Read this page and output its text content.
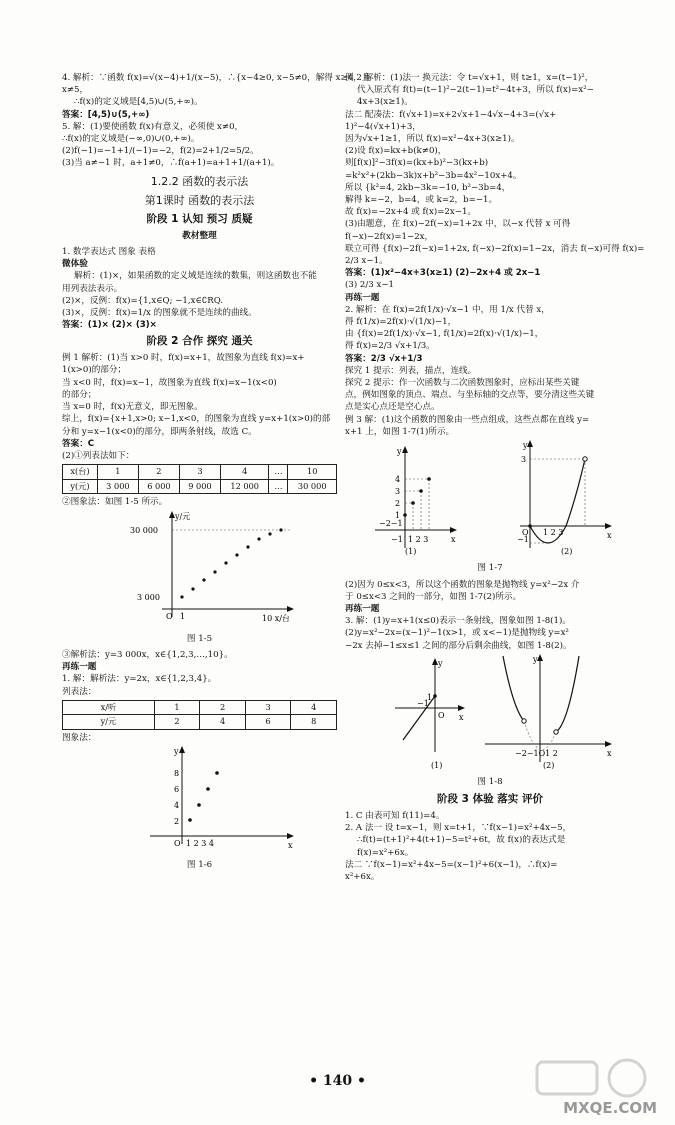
4. 解析：∵函数 f(x)=√(x−4)+1/(x−5)，∴{x−4≥0, x−5≠0，解得 x≥4，且
x≠5，
∴f(x)的定义域是[4,5)∪(5,+∞)。
答案：[4,5)∪(5,+∞)
5. 解：(1)要使函数 f(x)有意义，必须使 x≠0，
∴f(x)的定义域是(−∞,0)∪(0,+∞)。
(2)f(−1)=−1+1/(−1)=−2，f(2)=2+1/2=5/2。
(3)当 a≠−1 时，a+1≠0，∴f(a+1)=a+1+1/(a+1)。
1.2.2 函数的表示法
第1课时 函数的表示法
阶段 1 认知 预习 质疑
教材整理
1. 数学表达式 图象 表格
微体验
解析：(1)×，如果函数的定义域是连续的数集，则这函数也不能
用列表法表示。
(2)×，反例：f(x)={1,x∈Q; −1,x∈∁RQ.
(3)×，反例：f(x)=1/x 的图象就不是连续的曲线。
答案：(1)× (2)× (3)×
阶段 2 合作 探究 通关
例 1 解析：(1)当 x>0 时，f(x)=x+1，故图象为直线 f(x)=x+
1(x>0)的部分；
当 x<0 时，f(x)=x−1，故图象为直线 f(x)=x−1(x<0)
的部分；
当 x=0 时，f(x)无意义，即无图象。
综上，f(x)={x+1,x>0; x−1,x<0，的图象为直线 y=x+1(x>0)的部
分和 y=x−1(x<0)的部分，即两条射线，故选 C。
答案：C
(2)①列表法如下：
x(台)	1	2	3	4	…	10
y(元)	3 000	6 000	9 000	12 000	…	30 000
②图象法：如图 1-5 所示。
y/元
10 x/台
30 000
3 000
O 1
图 1-5
③解析法：y=3 000x，x∈{1,2,3,…,10}。
再练一题
1. 解：解析法：y=2x，x∈{1,2,3,4}。
列表法：
x/听	1	2	3	4
y/元	2	4	6	8
图象法：
y
x
O
8
6
4
2
1 2 3 4
图 1-6
例 2 解析：(1)法一 换元法：令 t=√x+1，则 t≥1，x=(t−1)²，
代入原式有 f(t)=(t−1)²−2(t−1)=t²−4t+3，所以 f(x)=x²−
4x+3(x≥1)。
法二 配凑法：f(√x+1)=x+2√x+1−4√x−4+3=(√x+
1)²−4(√x+1)+3，
因为√x+1≥1，所以 f(x)=x²−4x+3(x≥1)。
(2)设 f(x)=kx+b(k≠0)，
则[f(x)]²−3f(x)=(kx+b)²−3(kx+b)
=k²x²+(2kb−3k)x+b²−3b=4x²−10x+4。
所以 {k²=4, 2kb−3k=−10, b²−3b=4，
解得 k=−2，b=4，或 k=2，b=−1。
故 f(x)=−2x+4 或 f(x)=2x−1。
(3)由题意，在 f(x)−2f(−x)=1+2x 中，以−x 代替 x 可得
f(−x)−2f(x)=1−2x，
联立可得 {f(x)−2f(−x)=1+2x, f(−x)−2f(x)=1−2x，消去 f(−x)可得 f(x)=
2/3 x−1。
答案：(1)x²−4x+3(x≥1) (2)−2x+4 或 2x−1
(3) 2/3 x−1
再练一题
2. 解析：在 f(x)=2f(1/x)·√x−1 中，用 1/x 代替 x，
得 f(1/x)=2f(x)·√(1/x)−1，
由 {f(x)=2f(1/x)·√x−1, f(1/x)=2f(x)·√(1/x)−1，
得 f(x)=2/3 √x+1/3。
答案：2/3 √x+1/3
探究 1 提示：列表，描点，连线。
探究 2 提示：作一次函数与二次函数图象时，应标出某些关键
点，例如图象的顶点、端点、与坐标轴的交点等，要分清这些关键
点是实心点还是空心点。
例 3 解：(1)这个函数的图象由一些点组成，这些点都在直线 y=
x+1 上，如图 1-7(1)所示。
y
x
4
3
2
1
−1
−2−1
1 2 3
(1)
y
x
3
−1
O 1 2 3
(2)
图 1-7
(2)因为 0≤x<3，所以这个函数的图象是抛物线 y=x²−2x 介
于 0≤x<3 之间的一部分，如图 1-7(2)所示。
再练一题
3. 解：(1)y=x+1(x≤0)表示一条射线，图象如图 1-8(1)。
(2)y=x²−2x=(x−1)²−1(x>1，或 x<−1)是抛物线 y=x²
−2x 去掉−1≤x≤1 之间的部分后剩余曲线，如图 1-8(2)。
y
x
1
−1
O
(1)
y
x
−2−1O1 2
(2)
图 1-8
阶段 3 体验 落实 评价
1. C 由表可知 f(11)=4。
2. A 法一 设 t=x−1，则 x=t+1，∵f(x−1)=x²+4x−5，
∴f(t)=(t+1)²+4(t+1)−5=t²+6t，故 f(x)的表达式是
f(x)=x²+6x。
法二 ∵f(x−1)=x²+4x−5=(x−1)²+6(x−1)，∴f(x)=
x²+6x。
• 140 •
MXQE.COM
